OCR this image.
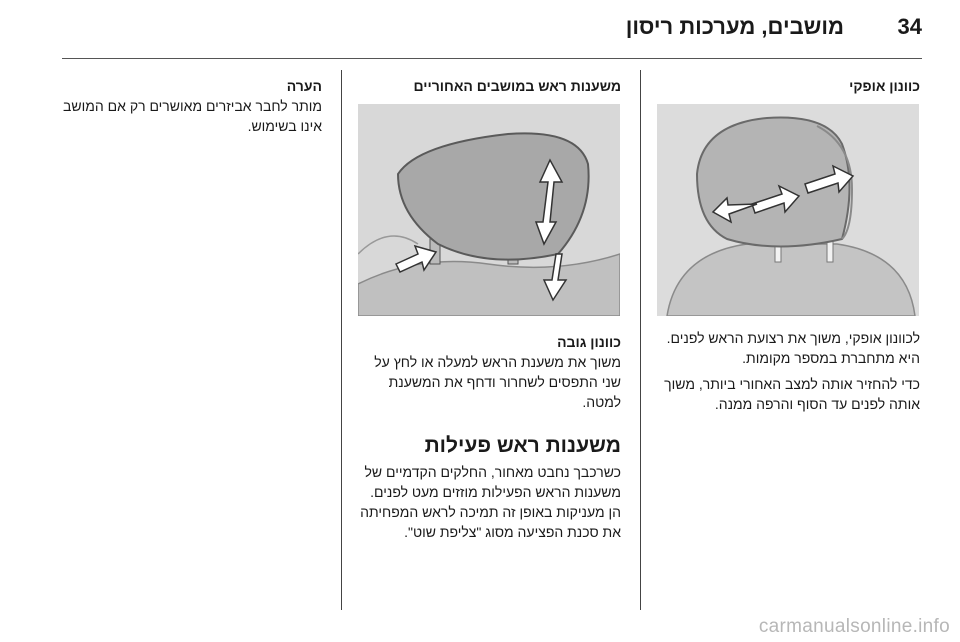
34
מושבים, מערכות ריסון

כוונון אופקי

לכוונון אופקי, משוך את רצועת הראש לפנים. היא מתחברת במספר מקומות.

כדי להחזיר אותה למצב האחורי ביותר, משוך אותה לפנים עד הסוף והרפה ממנה.

משענות ראש במושבים האחוריים

כוונון גובה

משוך את משענת הראש למעלה או לחץ על שני התפסים לשחרור ודחף את המשענת למטה.

משענות ראש פעילות

כשרכבך נחבט מאחור, החלקים הקדמיים של משענות הראש הפעילות מוזזים מעט לפנים. הן מעניקות באופן זה תמיכה לראש המפחיתה את סכנת הפציעה מסוג "צליפת שוט".

הערה

מותר לחבר אביזרים מאושרים רק אם המושב אינו בשימוש.

carmanualsonline.info
